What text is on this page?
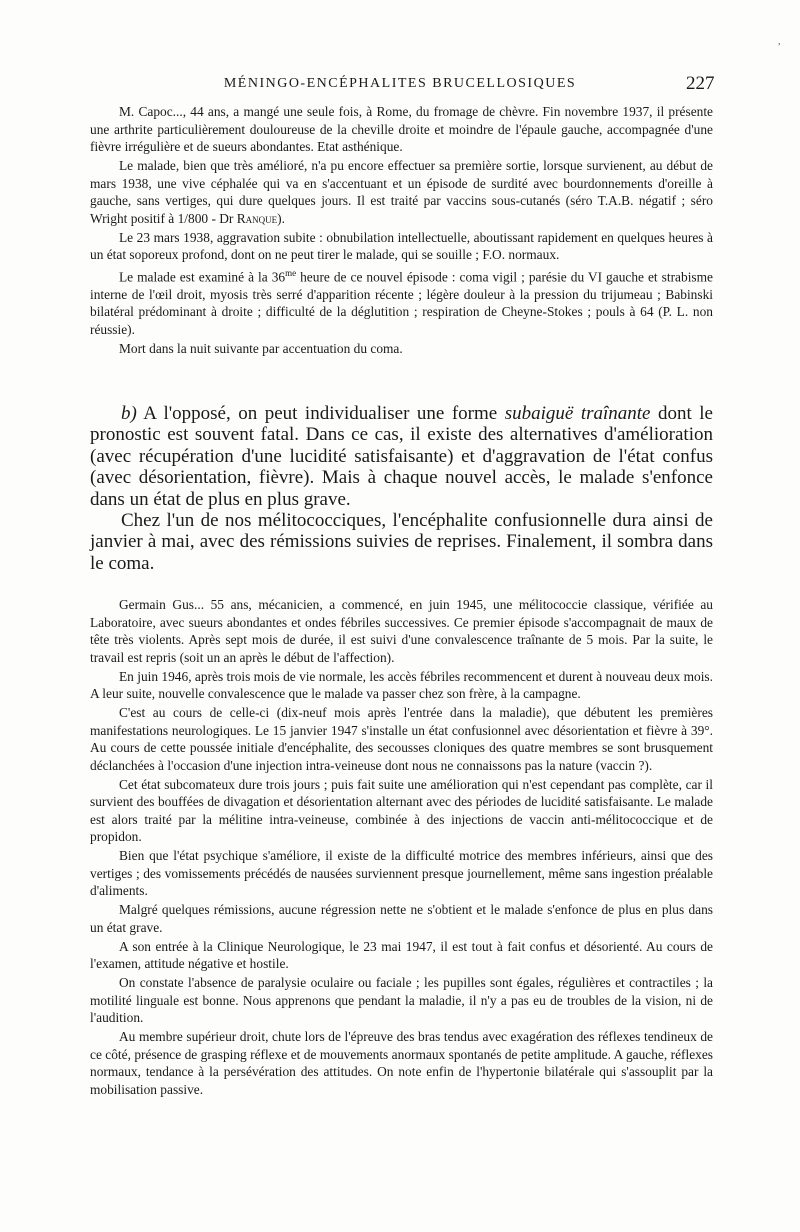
,
MÉNINGO-ENCÉPHALITES BRUCELLOSIQUES	227

M. Capoc..., 44 ans, a mangé une seule fois, à Rome, du fromage de chèvre. Fin novembre 1937, il présente une arthrite particulièrement douloureuse de la cheville droite et moindre de l'épaule gauche, accompagnée d'une fièvre irrégulière et de sueurs abondantes. Etat asthénique.

Le malade, bien que très amélioré, n'a pu encore effectuer sa première sortie, lorsque survienent, au début de mars 1938, une vive céphalée qui va en s'accentuant et un épisode de surdité avec bourdonnements d'oreille à gauche, sans vertiges, qui dure quelques jours. Il est traité par vaccins sous-cutanés (séro T.A.B. négatif ; séro Wright positif à 1/800 - Dr Ranque).

Le 23 mars 1938, aggravation subite : obnubilation intellectuelle, aboutissant rapidement en quelques heures à un état soporeux profond, dont on ne peut tirer le malade, qui se souille ; F.O. normaux.

Le malade est examiné à la $36^{me}$ heure de ce nouvel épisode : coma vigil ; parésie du VI gauche et strabisme interne de l'œil droit, myosis très serré d'apparition récente ; légère douleur à la pression du trijumeau ; Babinski bilatéral prédominant à droite ; difficulté de la déglutition ; respiration de Cheyne-Stokes ; pouls à 64 (P. L. non réussie).

Mort dans la nuit suivante par accentuation du coma.

b) A l'opposé, on peut individualiser une forme subaiguë traînante dont le pronostic est souvent fatal. Dans ce cas, il existe des alternatives d'amélioration (avec récupération d'une lucidité satisfaisante) et d'aggravation de l'état confus (avec désorientation, fièvre). Mais à chaque nouvel accès, le malade s'enfonce dans un état de plus en plus grave.

Chez l'un de nos mélitococciques, l'encéphalite confusionnelle dura ainsi de janvier à mai, avec des rémissions suivies de reprises. Finalement, il sombra dans le coma.

Germain Gus... 55 ans, mécanicien, a commencé, en juin 1945, une mélitococcie classique, vérifiée au Laboratoire, avec sueurs abondantes et ondes fébriles successives. Ce premier épisode s'accompagnait de maux de tête très violents. Après sept mois de durée, il est suivi d'une convalescence traînante de 5 mois. Par la suite, le travail est repris (soit un an après le début de l'affection).

En juin 1946, après trois mois de vie normale, les accès fébriles recommencent et durent à nouveau deux mois. A leur suite, nouvelle convalescence que le malade va passer chez son frère, à la campagne.

C'est au cours de celle-ci (dix-neuf mois après l'entrée dans la maladie), que débutent les premières manifestations neurologiques. Le 15 janvier 1947 s'installe un état confusionnel avec désorientation et fièvre à 39°. Au cours de cette poussée initiale d'encéphalite, des secousses cloniques des quatre membres se sont brusquement déclanchées à l'occasion d'une injection intra-veineuse dont nous ne connaissons pas la nature (vaccin ?).

Cet état subcomateux dure trois jours ; puis fait suite une amélioration qui n'est cependant pas complète, car il survient des bouffées de divagation et désorientation alternant avec des périodes de lucidité satisfaisante. Le malade est alors traité par la mélitine intra-veineuse, combinée à des injections de vaccin anti-mélitococcique et de propidon.

Bien que l'état psychique s'améliore, il existe de la difficulté motrice des membres inférieurs, ainsi que des vertiges ; des vomissements précédés de nausées surviennent presque journellement, même sans ingestion préalable d'aliments.

Malgré quelques rémissions, aucune régression nette ne s'obtient et le malade s'enfonce de plus en plus dans un état grave.

A son entrée à la Clinique Neurologique, le 23 mai 1947, il est tout à fait confus et désorienté. Au cours de l'examen, attitude négative et hostile.

On constate l'absence de paralysie oculaire ou faciale ; les pupilles sont égales, régulières et contractiles ; la motilité linguale est bonne. Nous apprenons que pendant la maladie, il n'y a pas eu de troubles de la vision, ni de l'audition.

Au membre supérieur droit, chute lors de l'épreuve des bras tendus avec exagération des réflexes tendineux de ce côté, présence de grasping réflexe et de mouvements anormaux spontanés de petite amplitude. A gauche, réflexes normaux, tendance à la persévération des attitudes. On note enfin de l'hypertonie bilatérale qui s'assouplit par la mobilisation passive.
